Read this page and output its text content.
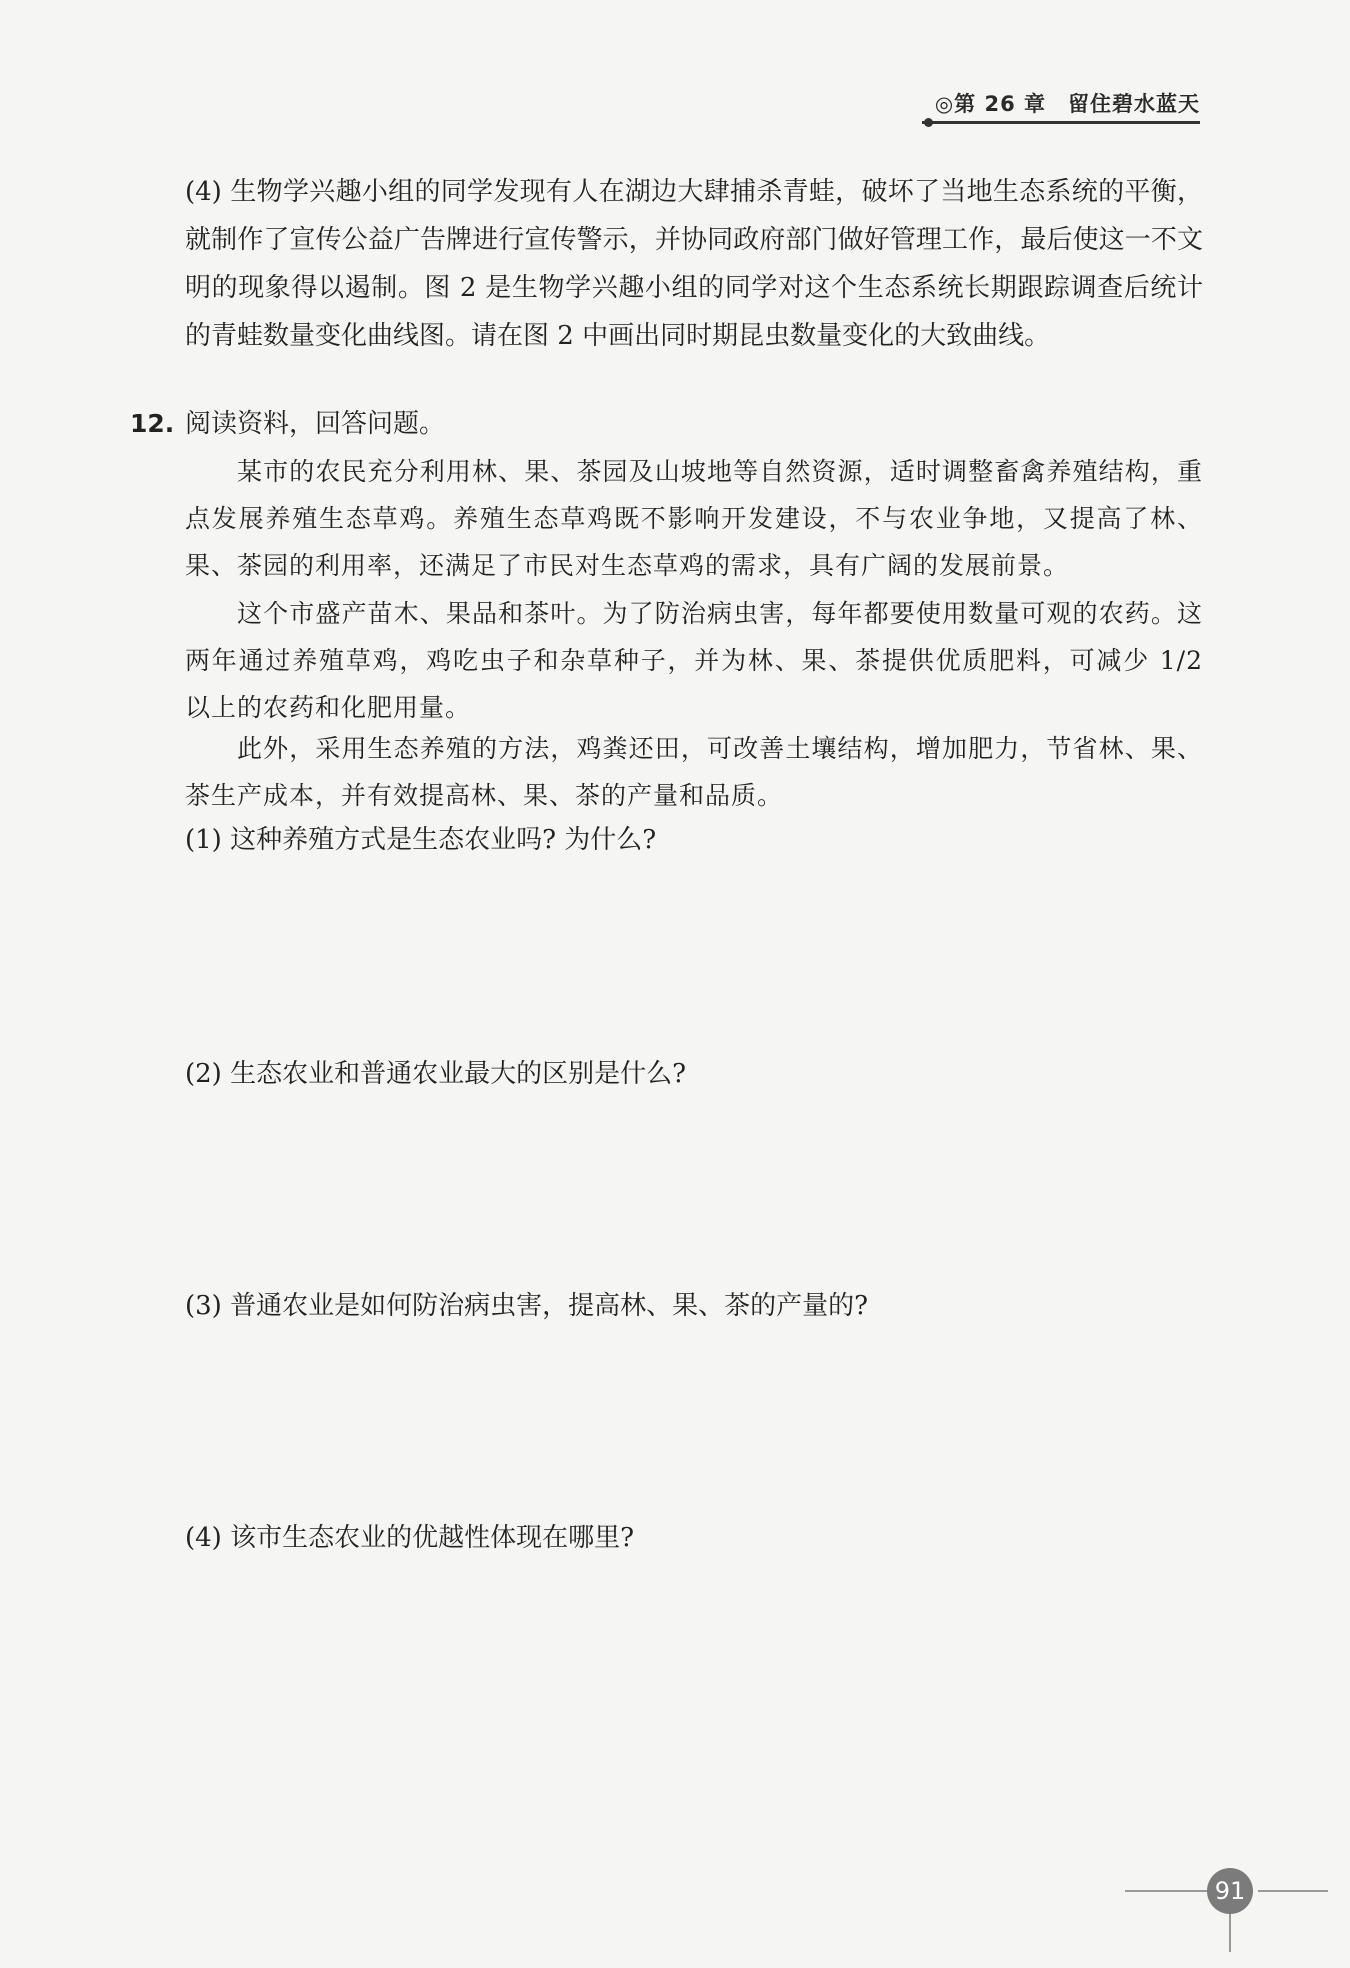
◎第 26 章　留住碧水蓝天
(4) 生物学兴趣小组的同学发现有人在湖边大肆捕杀青蛙，破坏了当地生态系统的平衡，就制作了宣传公益广告牌进行宣传警示，并协同政府部门做好管理工作，最后使这一不文明的现象得以遏制。图 2 是生物学兴趣小组的同学对这个生态系统长期跟踪调查后统计的青蛙数量变化曲线图。请在图 2 中画出同时期昆虫数量变化的大致曲线。
12. 阅读资料，回答问题。
某市的农民充分利用林、果、茶园及山坡地等自然资源，适时调整畜禽养殖结构，重点发展养殖生态草鸡。养殖生态草鸡既不影响开发建设，不与农业争地，又提高了林、果、茶园的利用率，还满足了市民对生态草鸡的需求，具有广阔的发展前景。
这个市盛产苗木、果品和茶叶。为了防治病虫害，每年都要使用数量可观的农药。这两年通过养殖草鸡，鸡吃虫子和杂草种子，并为林、果、茶提供优质肥料，可减少 1/2 以上的农药和化肥用量。
此外，采用生态养殖的方法，鸡粪还田，可改善土壤结构，增加肥力，节省林、果、茶生产成本，并有效提高林、果、茶的产量和品质。
(1) 这种养殖方式是生态农业吗? 为什么?
(2) 生态农业和普通农业最大的区别是什么?
(3) 普通农业是如何防治病虫害，提高林、果、茶的产量的?
(4) 该市生态农业的优越性体现在哪里?
91
